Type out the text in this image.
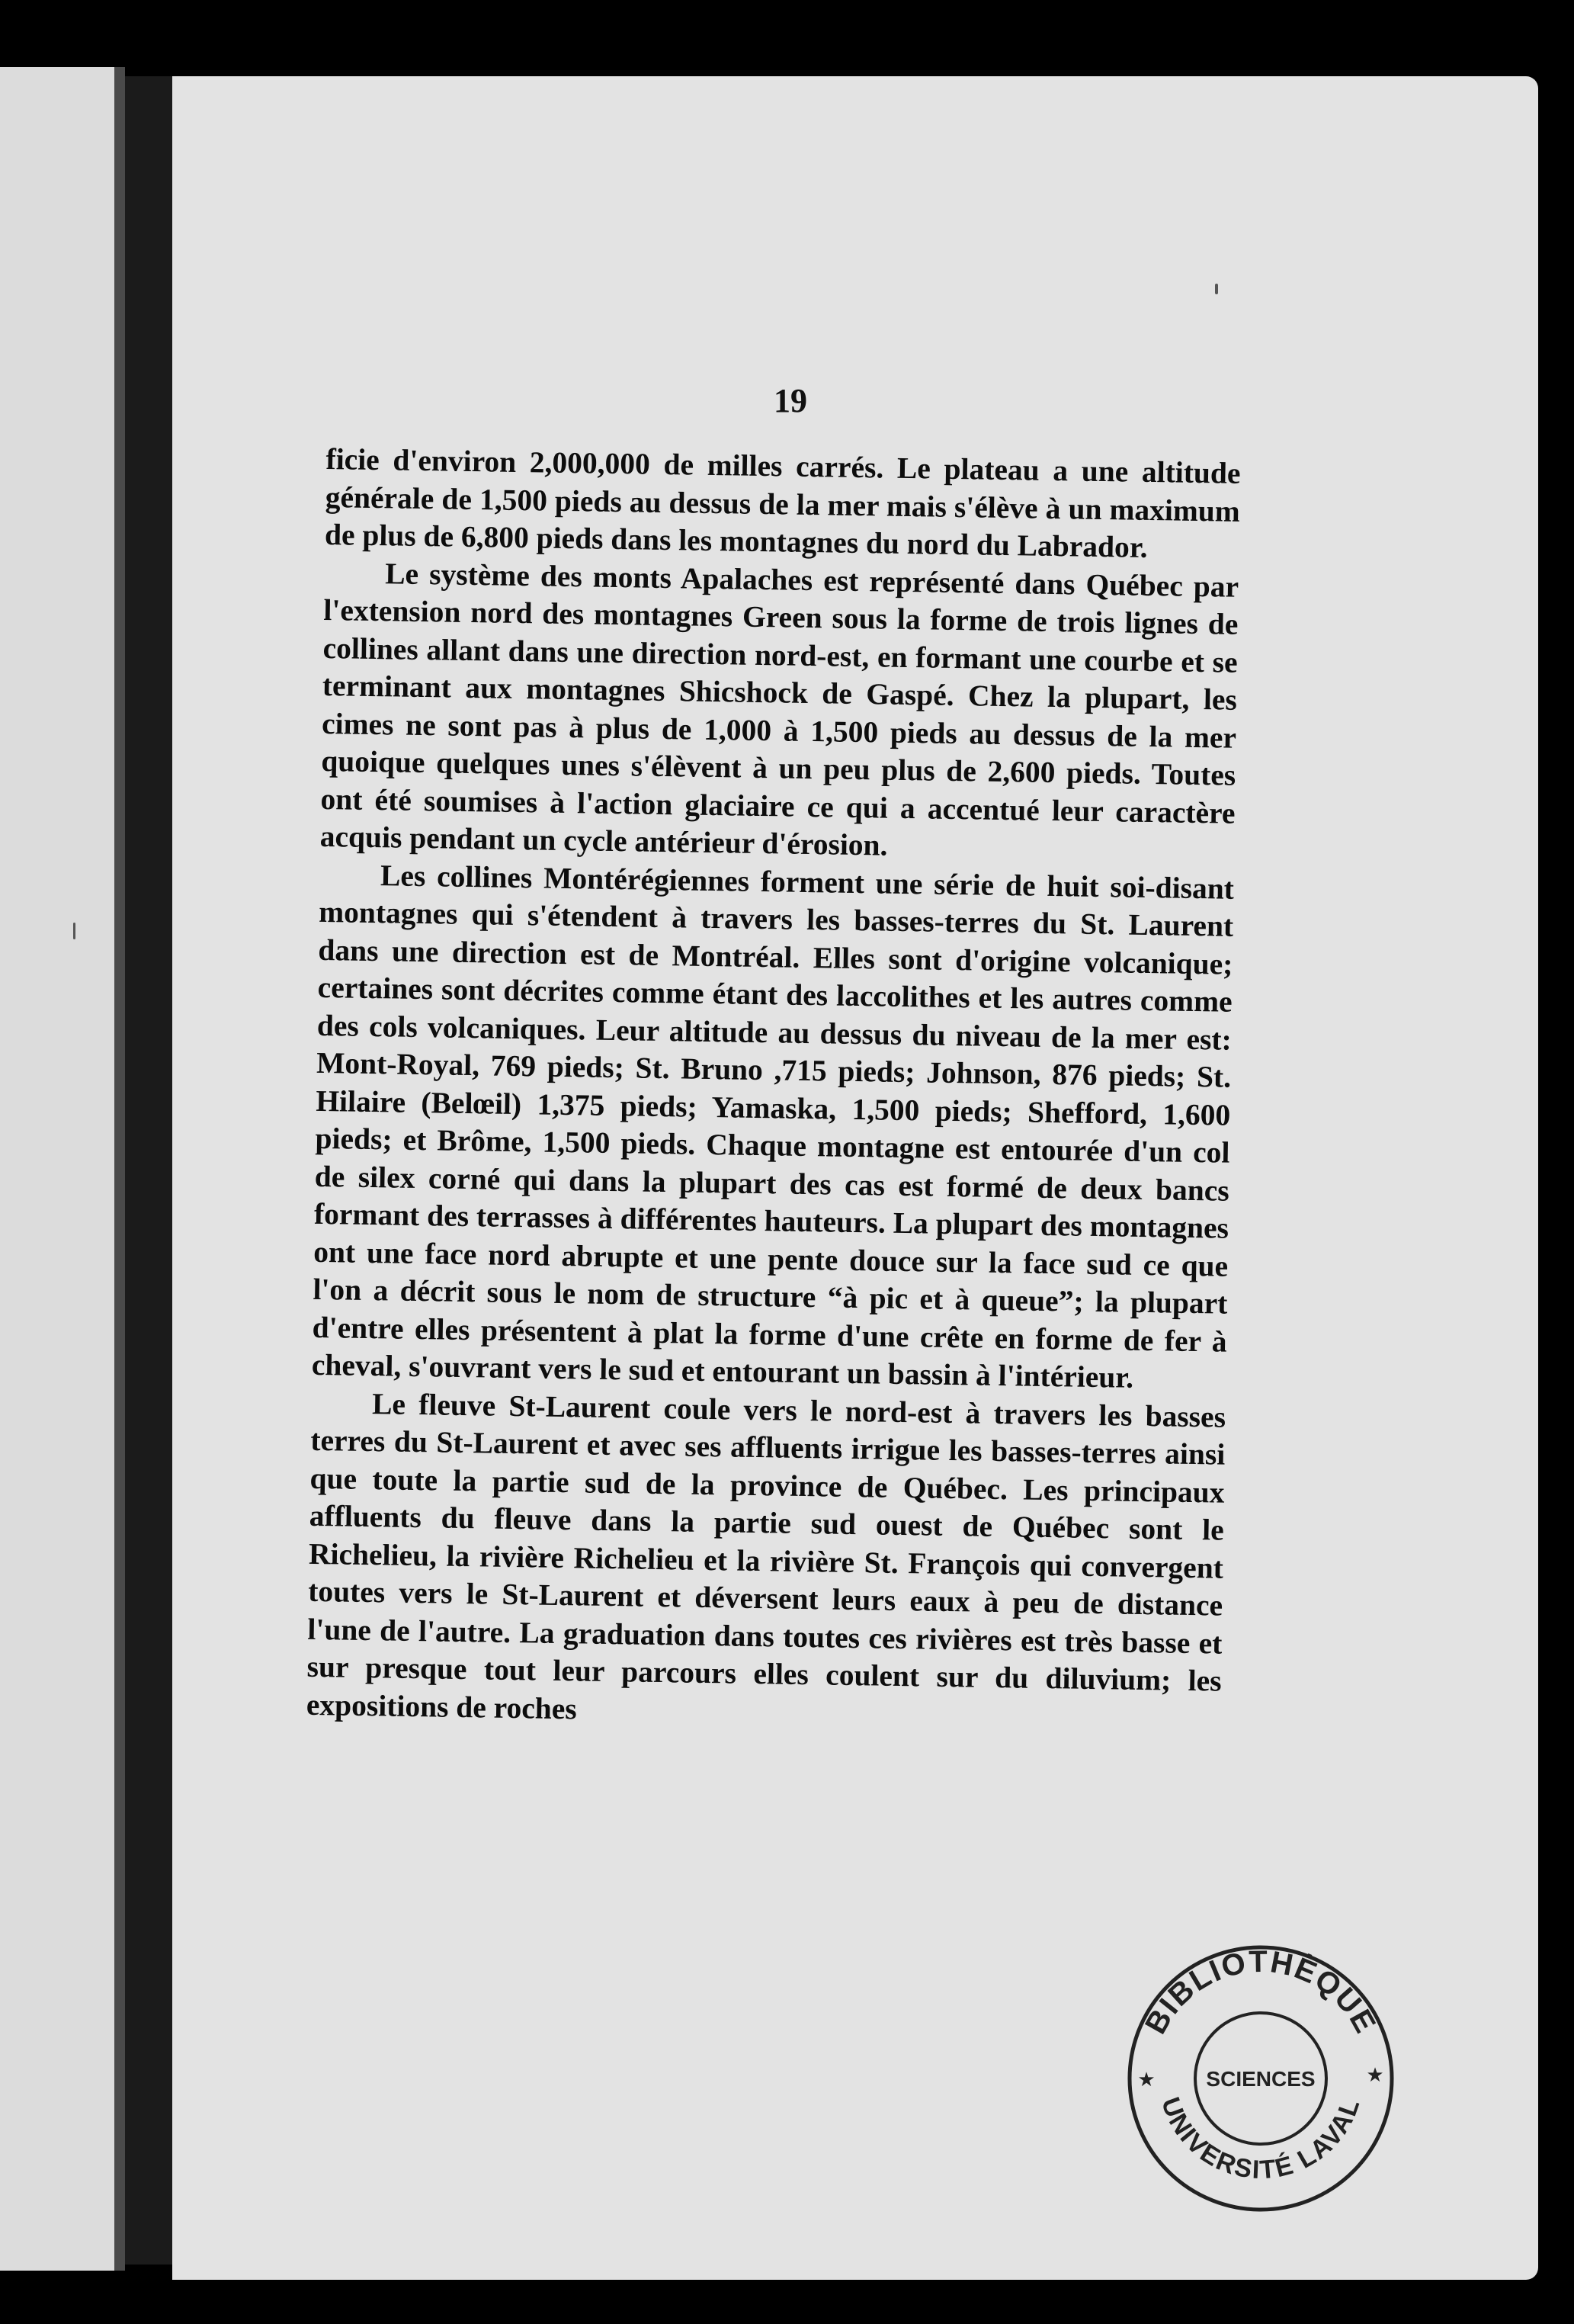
19

ficie d'environ 2,000,000 de milles carrés. Le plateau a une altitude générale de 1,500 pieds au dessus de la mer mais s'élève à un maximum de plus de 6,800 pieds dans les montagnes du nord du Labrador.

Le système des monts Apalaches est représenté dans Québec par l'extension nord des montagnes Green sous la forme de trois lignes de collines allant dans une direction nord-est, en formant une courbe et se terminant aux montagnes Shicshock de Gaspé. Chez la plupart, les cimes ne sont pas à plus de 1,000 à 1,500 pieds au dessus de la mer quoique quelques unes s'élèvent à un peu plus de 2,600 pieds. Toutes ont été soumises à l'action glaciaire ce qui a accentué leur caractère acquis pendant un cycle antérieur d'érosion.

Les collines Montérégiennes forment une série de huit soi-disant montagnes qui s'étendent à travers les basses-terres du St. Laurent dans une direction est de Montréal. Elles sont d'origine volcanique; certaines sont décrites comme étant des laccolithes et les autres comme des cols volcaniques. Leur altitude au dessus du niveau de la mer est: Mont-Royal, 769 pieds; St. Bruno ,715 pieds; Johnson, 876 pieds; St. Hilaire (Belœil) 1,375 pieds; Yamaska, 1,500 pieds; Shefford, 1,600 pieds; et Brôme, 1,500 pieds. Chaque montagne est entourée d'un col de silex corné qui dans la plupart des cas est formé de deux bancs formant des terrasses à différentes hauteurs. La plupart des montagnes ont une face nord abrupte et une pente douce sur la face sud ce que l'on a décrit sous le nom de structure “à pic et à queue”; la plupart d'entre elles présentent à plat la forme d'une crête en forme de fer à cheval, s'ouvrant vers le sud et entourant un bassin à l'intérieur.

Le fleuve St-Laurent coule vers le nord-est à travers les basses terres du St-Laurent et avec ses affluents irrigue les basses-terres ainsi que toute la partie sud de la province de Québec. Les principaux affluents du fleuve dans la partie sud ouest de Québec sont le Richelieu, la rivière Richelieu et la rivière St. François qui convergent toutes vers le St-Laurent et déversent leurs eaux à peu de distance l'une de l'autre. La graduation dans toutes ces rivières est très basse et sur presque tout leur parcours elles coulent sur du diluvium; les expositions de roches

BIBLIOTHÈQUE
UNIVERSITÉ LAVAL
SCIENCES
★	★
